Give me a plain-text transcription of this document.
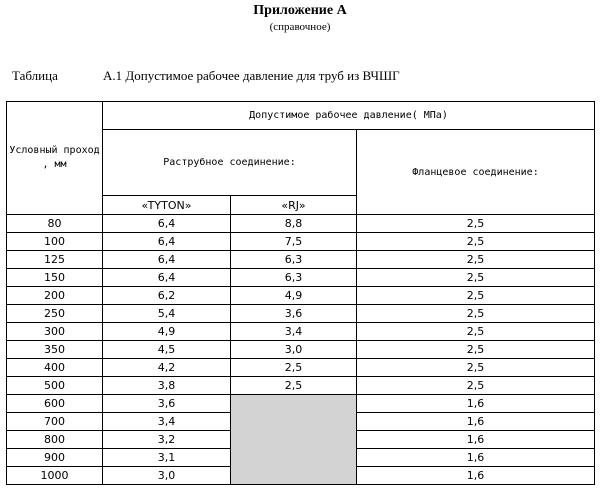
Приложение А
(справочное)
Таблица	А.1 Допустимое рабочее давление для труб из ВЧШГ
Условный проход , мм	Допустимое рабочее давление( МПа)		
	Раструбное соединение:		Фланцевое соединение:
	«TYTON»	«RJ»	
80	6,4	8,8	2,5
100	6,4	7,5	2,5
125	6,4	6,3	2,5
150	6,4	6,3	2,5
200	6,2	4,9	2,5
250	5,4	3,6	2,5
300	4,9	3,4	2,5
350	4,5	3,0	2,5
400	4,2	2,5	2,5
500	3,8	2,5	2,5
600	3,6		1,6
700	3,4		1,6
800	3,2		1,6
900	3,1		1,6
1000	3,0		1,6
